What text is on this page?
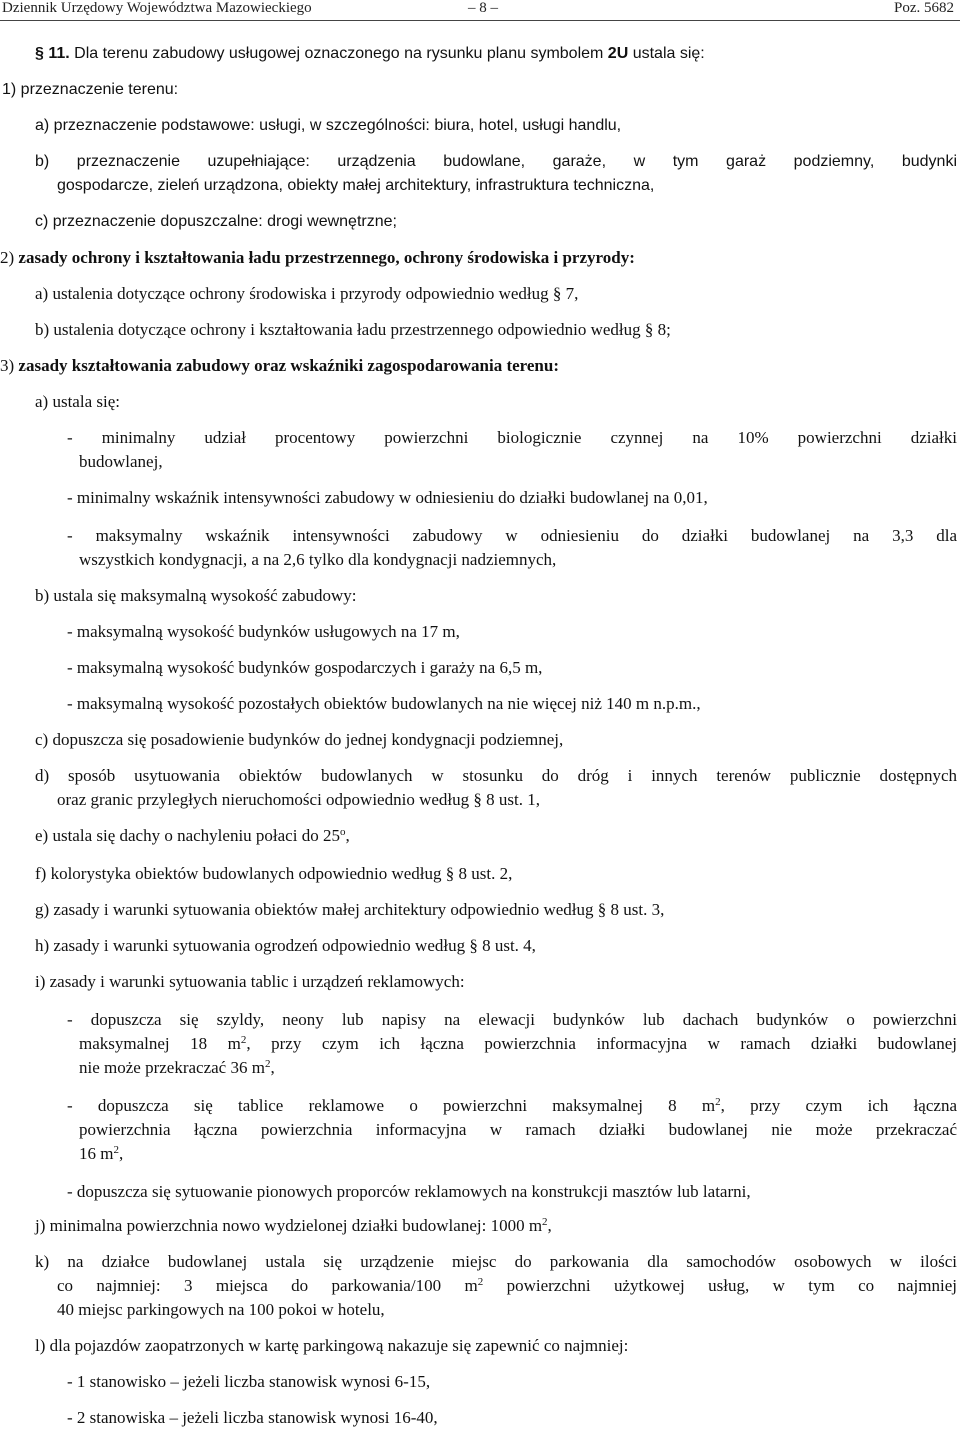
Dziennik Urzędowy Województwa Mazowieckiego	– 8 –	Poz. 5682
§ 11. Dla terenu zabudowy usługowej oznaczonego na rysunku planu symbolem 2U ustala się:
1) przeznaczenie terenu:
a) przeznaczenie podstawowe: usługi, w szczególności: biura, hotel, usługi handlu,
b) przeznaczenie uzupełniające: urządzenia budowlane, garaże, w tym garaż podziemny, budynki
gospodarcze, zieleń urządzona, obiekty małej architektury, infrastruktura techniczna,
c) przeznaczenie dopuszczalne: drogi wewnętrzne;
2) zasady ochrony i kształtowania ładu przestrzennego, ochrony środowiska i przyrody:
a) ustalenia dotyczące ochrony środowiska i przyrody odpowiednio według § 7,
b) ustalenia dotyczące ochrony i kształtowania ładu przestrzennego odpowiednio według § 8;
3) zasady kształtowania zabudowy oraz wskaźniki zagospodarowania terenu:
a) ustala się:
- minimalny udział procentowy powierzchni biologicznie czynnej na 10% powierzchni działki
budowlanej,
- minimalny wskaźnik intensywności zabudowy w odniesieniu do działki budowlanej na 0,01,
- maksymalny wskaźnik intensywności zabudowy w odniesieniu do działki budowlanej na 3,3 dla
wszystkich kondygnacji, a na 2,6 tylko dla kondygnacji nadziemnych,
b) ustala się maksymalną wysokość zabudowy:
- maksymalną wysokość budynków usługowych na 17 m,
- maksymalną wysokość budynków gospodarczych i garaży na 6,5 m,
- maksymalną wysokość pozostałych obiektów budowlanych na nie więcej niż 140 m n.p.m.,
c) dopuszcza się posadowienie budynków do jednej kondygnacji podziemnej,
d) sposób usytuowania obiektów budowlanych w stosunku do dróg i innych terenów publicznie dostępnych
oraz granic przyległych nieruchomości odpowiednio według § 8 ust. 1,
e) ustala się dachy o nachyleniu połaci do 25$^o$,
f) kolorystyka obiektów budowlanych odpowiednio według § 8 ust. 2,
g) zasady i warunki sytuowania obiektów małej architektury odpowiednio według § 8 ust. 3,
h) zasady i warunki sytuowania ogrodzeń odpowiednio według § 8 ust. 4,
i) zasady i warunki sytuowania tablic i urządzeń reklamowych:
- dopuszcza się szyldy, neony lub napisy na elewacji budynków lub dachach budynków o powierzchni
maksymalnej 18 $m^2$, przy czym ich łączna powierzchnia informacyjna w ramach działki budowlanej
nie może przekraczać 36 $m^2$,
- dopuszcza się tablice reklamowe o powierzchni maksymalnej 8 $m^2$, przy czym ich łączna
powierzchnia łączna powierzchnia informacyjna w ramach działki budowlanej nie może przekraczać
16 $m^2$,
- dopuszcza się sytuowanie pionowych proporców reklamowych na konstrukcji masztów lub latarni,
j) minimalna powierzchnia nowo wydzielonej działki budowlanej: 1000 $m^2$,
k) na działce budowlanej ustala się urządzenie miejsc do parkowania dla samochodów osobowych w ilości
co najmniej: 3 miejsca do parkowania/100 $m^2$ powierzchni użytkowej usług, w tym co najmniej
40 miejsc parkingowych na 100 pokoi w hotelu,
l) dla pojazdów zaopatrzonych w kartę parkingową nakazuje się zapewnić co najmniej:
- 1 stanowisko – jeżeli liczba stanowisk wynosi 6-15,
- 2 stanowiska – jeżeli liczba stanowisk wynosi 16-40,
